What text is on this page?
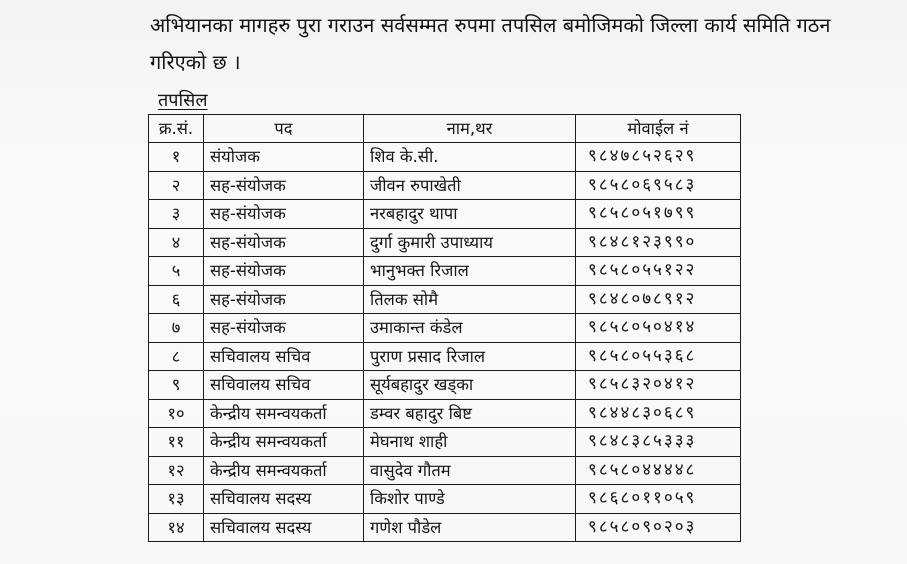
अभियानका मागहरु पुरा गराउन सर्वसम्मत रुपमा तपसिल बमोजिमको जिल्ला कार्य समिति गठन
गरिएको छ ।
तपसिल
क्र.सं.	पद	नाम,थर	मोवाईल नं
१	संयोजक	शिव के.सी.	९८४७८५२६२९
२	सह-संयोजक	जीवन रुपाखेती	९८५८०६९५८३
३	सह-संयोजक	नरबहादुर थापा	९८५८०५१७९९
४	सह-संयोजक	दुर्गा कुमारी उपाध्याय	९८४८१२३९९०
५	सह-संयोजक	भानुभक्त रिजाल	९८५८०५५१२२
६	सह-संयोजक	तिलक सोमै	९८४८०७८९१२
७	सह-संयोजक	उमाकान्त कंडेल	९८५८०५०४१४
८	सचिवालय सचिव	पुराण प्रसाद रिजाल	९८५८०५५३६८
९	सचिवालय सचिव	सूर्यबहादुर खड्का	९८५८३२०४१२
१०	केन्द्रीय समन्वयकर्ता	डम्वर बहादुर बिष्ट	९८४४८३०६८९
११	केन्द्रीय समन्वयकर्ता	मेघनाथ शाही	९८४८३८५३३३
१२	केन्द्रीय समन्वयकर्ता	वासुदेव गौतम	९८५८०४४४४८
१३	सचिवालय सदस्य	किशोर पाण्डे	९८६८०११०५९
१४	सचिवालय सदस्य	गणेश पौडेल	९८५८०९०२०३
